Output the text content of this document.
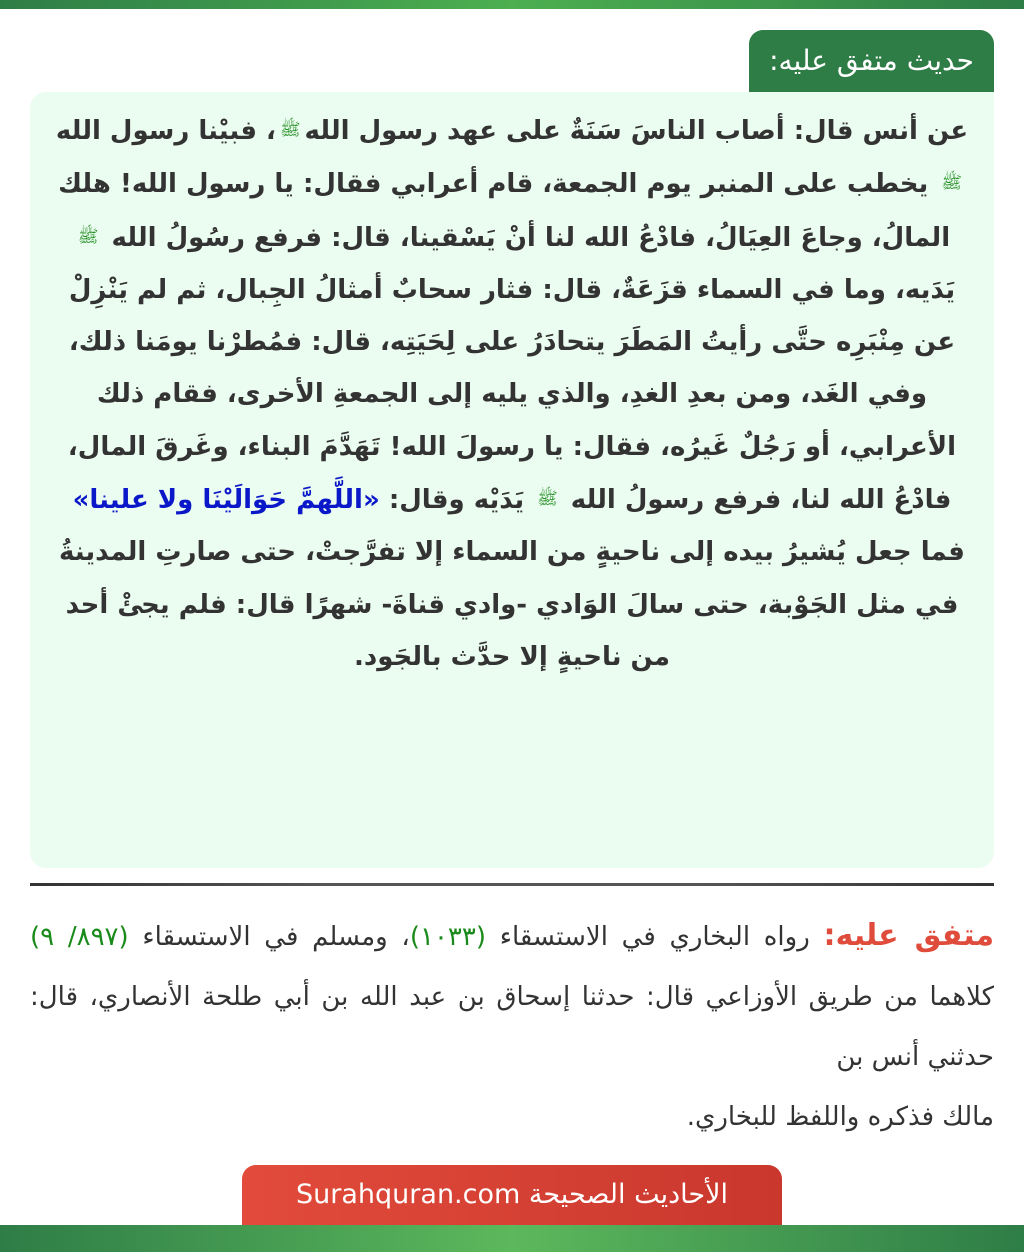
حديث متفق عليه:

عن أنس قال: أصاب الناسَ سَنَةٌ على عهد رسول اللهﷺ، فبيْنا رسول الله ﷺ يخطب على المنبر يوم الجمعة، قام أعرابي فقال: يا رسول الله! هلك المالُ، وجاعَ العِيَالُ، فادْعُ الله لنا أنْ يَسْقينا، قال: فرفع رسُولُ الله ﷺ يَدَيه، وما في السماء قزَعَةٌ، قال: فثار سحابٌ أمثالُ الجِبال، ثم لم يَنْزِلْ عن مِنْبَرِه حتَّى رأيتُ المَطَرَ يتحادَرُ على لِحَيَتِه، قال: فمُطرْنا يومَنا ذلك، وفي الغَد، ومن بعدِ الغدِ، والذي يليه إلى الجمعةِ الأخرى، فقام ذلك الأعرابي، أو رَجُلٌ غَيرُه، فقال: يا رسولَ الله! تَهَدَّمَ البناء، وغَرقَ المال، فادْعُ الله لنا، فرفع رسولُ الله ﷺ يَدَيْه وقال: «اللَّهمَّ حَوَالَيْنَا ولا علينا» فما جعل يُشيرُ بيده إلى ناحيةٍ من السماء إلا تفرَّجتْ، حتى صارتِ المدينةُ في مثل الجَوْبة، حتى سالَ الوَادي -وادي قناةَ- شهرًا قال: فلم يجئْ أحد من ناحيةٍ إلا حدَّث بالجَود.

متفق عليه: رواه البخاري في الاستسقاء (١٠٣٣)، ومسلم في الاستسقاء (٨٩٧/ ٩) كلاهما من طريق الأوزاعي قال: حدثنا إسحاق بن عبد الله بن أبي طلحة الأنصاري، قال: حدثني أنس بن
مالك فذكره واللفظ للبخاري.

الأحاديث الصحيحة Surahquran.com
